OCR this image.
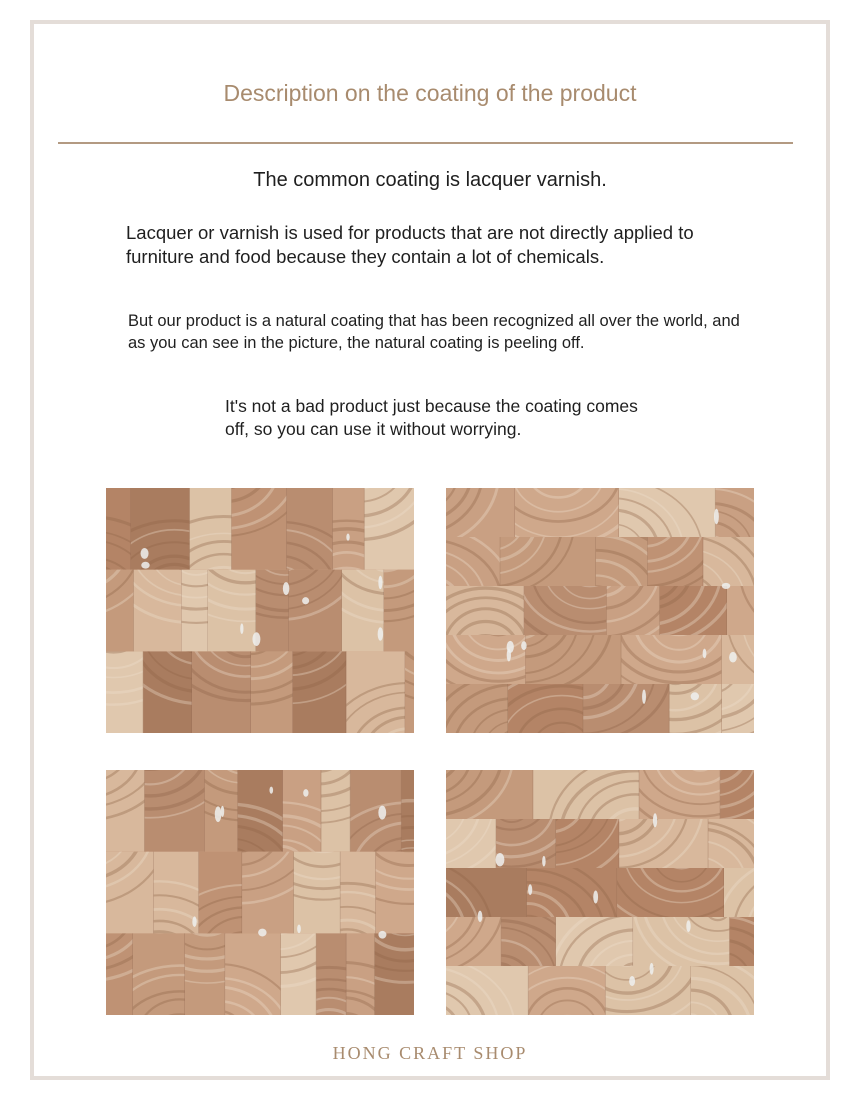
Description on the coating of the product
The common coating is lacquer varnish.
Lacquer or varnish is used for products that are not directly applied to furniture and food because they contain a lot of chemicals.
But our product is a natural coating that has been recognized all over the world, and as you can see in the picture, the natural coating is peeling off.
It's not a bad product just because the coating comes off, so you can use it without worrying.
HONG CRAFT SHOP
